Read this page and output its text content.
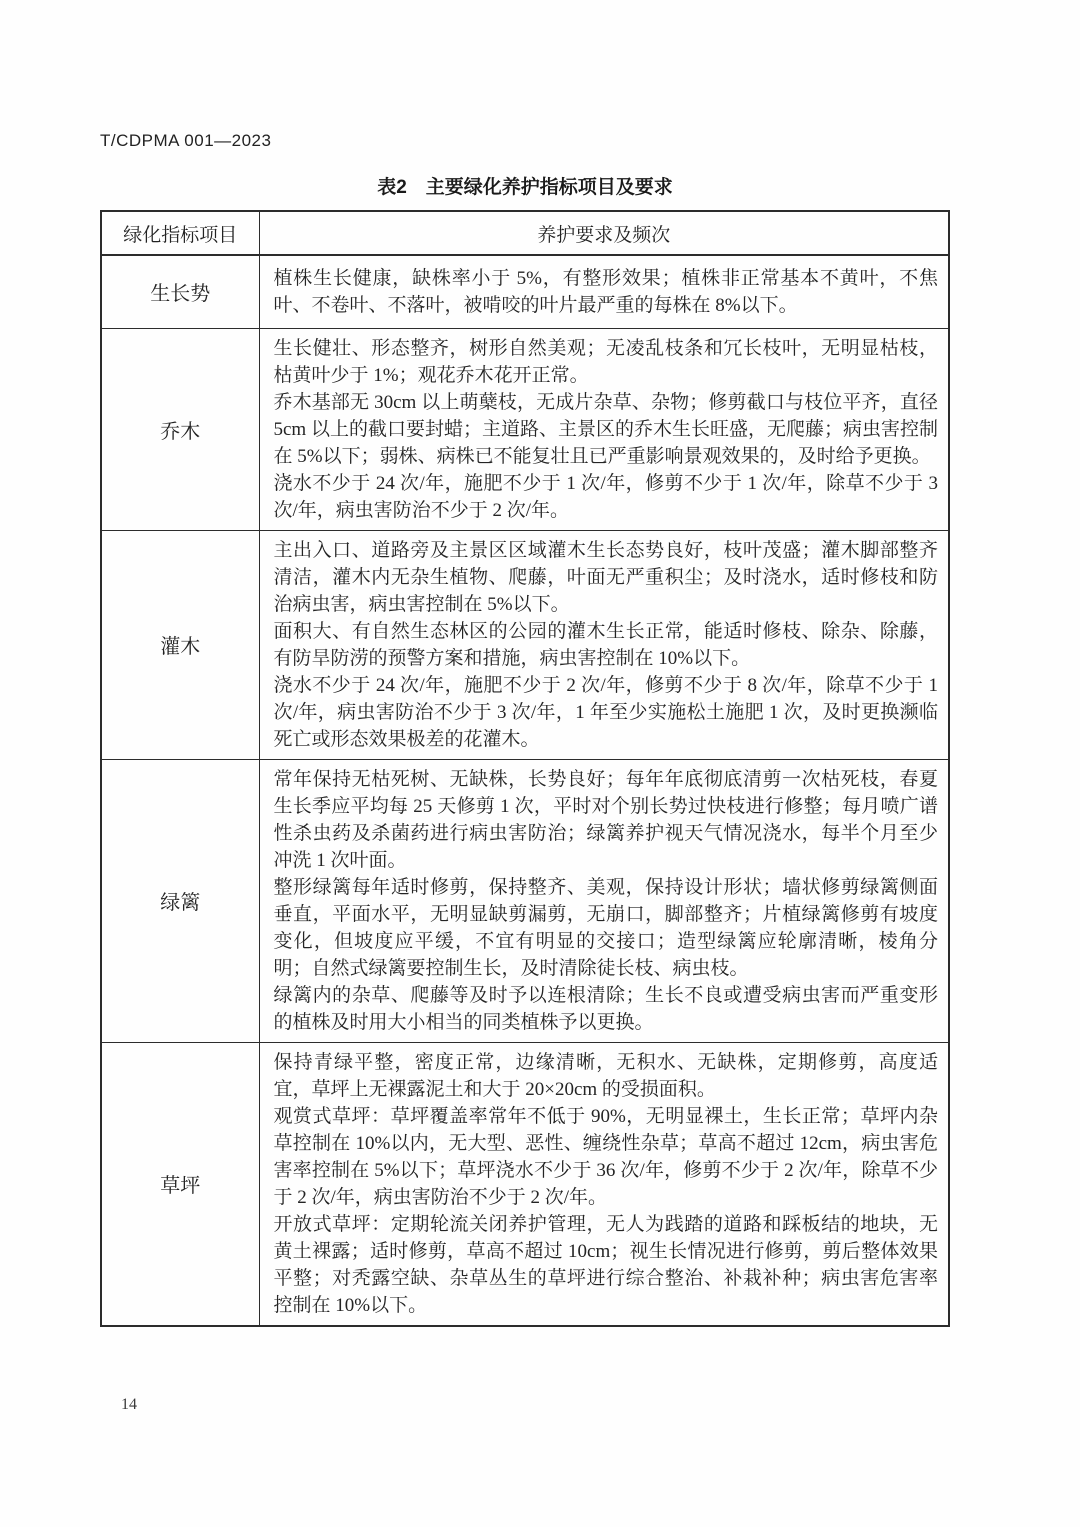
T/CDPMA 001—2023
表2　主要绿化养护指标项目及要求
绿化指标项目	养护要求及频次
生长势	植株生长健康，缺株率小于 5%，有整形效果；植株非正常基本不黄叶，不焦叶、不卷叶、不落叶，被啃咬的叶片最严重的每株在 8%以下。

乔木	生长健壮、形态整齐，树形自然美观；无凌乱枝条和冗长枝叶，无明显枯枝，枯黄叶少于 1%；观花乔木花开正常。

乔木基部无 30cm 以上萌蘖枝，无成片杂草、杂物；修剪截口与枝位平齐，直径 5cm 以上的截口要封蜡；主道路、主景区的乔木生长旺盛，无爬藤；病虫害控制在 5%以下；弱株、病株已不能复壮且已严重影响景观效果的，及时给予更换。

浇水不少于 24 次/年，施肥不少于 1 次/年，修剪不少于 1 次/年，除草不少于 3 次/年，病虫害防治不少于 2 次/年。

灌木	主出入口、道路旁及主景区区域灌木生长态势良好，枝叶茂盛；灌木脚部整齐清洁，灌木内无杂生植物、爬藤，叶面无严重积尘；及时浇水，适时修枝和防治病虫害，病虫害控制在 5%以下。

面积大、有自然生态林区的公园的灌木生长正常，能适时修枝、除杂、除藤，有防旱防涝的预警方案和措施，病虫害控制在 10%以下。

浇水不少于 24 次/年，施肥不少于 2 次/年，修剪不少于 8 次/年，除草不少于 1 次/年，病虫害防治不少于 3 次/年，1 年至少实施松土施肥 1 次，及时更换濒临死亡或形态效果极差的花灌木。

绿篱	常年保持无枯死树、无缺株，长势良好；每年年底彻底清剪一次枯死枝，春夏生长季应平均每 25 天修剪 1 次，平时对个别长势过快枝进行修整；每月喷广谱性杀虫药及杀菌药进行病虫害防治；绿篱养护视天气情况浇水，每半个月至少冲洗 1 次叶面。

整形绿篱每年适时修剪，保持整齐、美观，保持设计形状；墙状修剪绿篱侧面垂直，平面水平，无明显缺剪漏剪，无崩口，脚部整齐；片植绿篱修剪有坡度变化，但坡度应平缓，不宜有明显的交接口；造型绿篱应轮廓清晰，棱角分明；自然式绿篱要控制生长，及时清除徒长枝、病虫枝。

绿篱内的杂草、爬藤等及时予以连根清除；生长不良或遭受病虫害而严重变形的植株及时用大小相当的同类植株予以更换。

草坪	保持青绿平整，密度正常，边缘清晰，无积水、无缺株，定期修剪，高度适宜，草坪上无裸露泥土和大于 20×20cm 的受损面积。

观赏式草坪：草坪覆盖率常年不低于 90%，无明显裸土，生长正常；草坪内杂草控制在 10%以内，无大型、恶性、缠绕性杂草；草高不超过 12cm，病虫害危害率控制在 5%以下；草坪浇水不少于 36 次/年，修剪不少于 2 次/年，除草不少于 2 次/年，病虫害防治不少于 2 次/年。

开放式草坪：定期轮流关闭养护管理，无人为践踏的道路和踩板结的地块，无黄土裸露；适时修剪，草高不超过 10cm；视生长情况进行修剪，剪后整体效果平整；对秃露空缺、杂草丛生的草坪进行综合整治、补栽补种；病虫害危害率控制在 10%以下。

14
